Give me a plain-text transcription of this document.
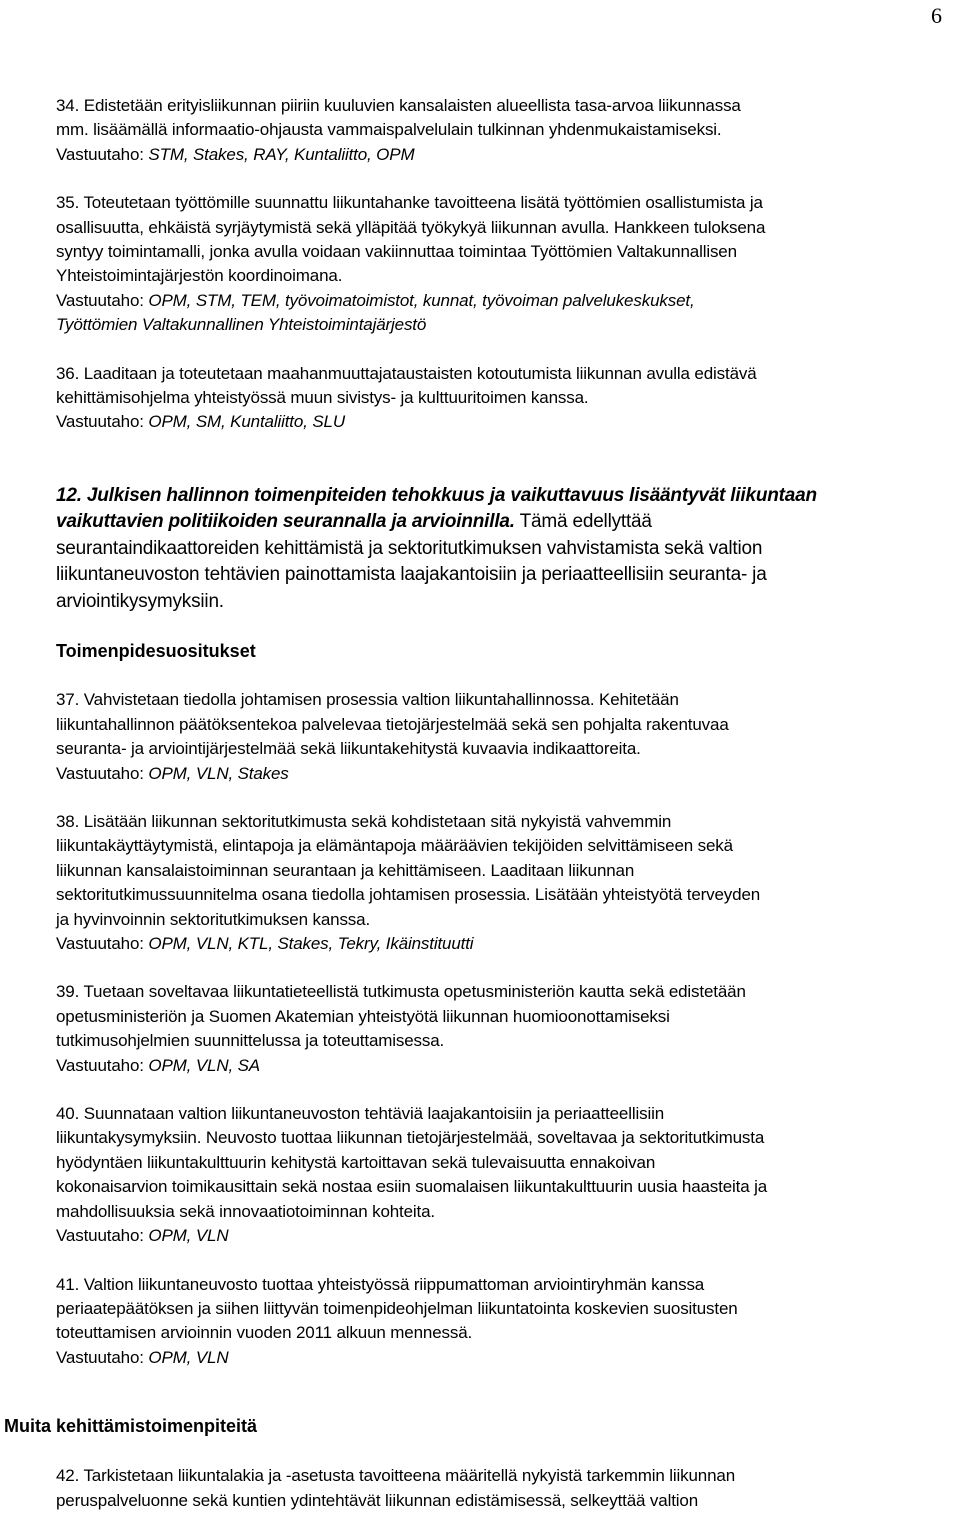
6

34. Edistetään erityisliikunnan piiriin kuuluvien kansalaisten alueellista tasa-arvoa liikunnassa

mm. lisäämällä informaatio-ohjausta vammaispalvelulain tulkinnan yhdenmukaistamiseksi.

Vastuutaho: STM, Stakes, RAY, Kuntaliitto, OPM

35. Toteutetaan työttömille suunnattu liikuntahanke tavoitteena lisätä työttömien osallistumista ja

osallisuutta, ehkäistä syrjäytymistä sekä ylläpitää työkykyä liikunnan avulla. Hankkeen tuloksena

syntyy toimintamalli, jonka avulla voidaan vakiinnuttaa toimintaa Työttömien Valtakunnallisen

Yhteistoimintajärjestön koordinoimana.

Vastuutaho: OPM, STM, TEM, työvoimatoimistot, kunnat, työvoiman palvelukeskukset,

Työttömien Valtakunnallinen Yhteistoimintajärjestö

36. Laaditaan ja toteutetaan maahanmuuttajataustaisten kotoutumista liikunnan avulla edistävä

kehittämisohjelma yhteistyössä muun sivistys- ja kulttuuritoimen kanssa.

Vastuutaho: OPM, SM, Kuntaliitto, SLU

12. Julkisen hallinnon toimenpiteiden tehokkuus ja vaikuttavuus lisääntyvät liikuntaan
vaikuttavien politiikoiden seurannalla ja arvioinnilla. Tämä edellyttää
seurantaindikaattoreiden kehittämistä ja sektoritutkimuksen vahvistamista sekä valtion
liikuntaneuvoston tehtävien painottamista laajakantoisiin ja periaatteellisiin seuranta- ja
arviointikysymyksiin.
Toimenpidesuositukset

37. Vahvistetaan tiedolla johtamisen prosessia valtion liikuntahallinnossa. Kehitetään

liikuntahallinnon päätöksentekoa palvelevaa tietojärjestelmää sekä sen pohjalta rakentuvaa

seuranta- ja arviointijärjestelmää sekä liikuntakehitystä kuvaavia indikaattoreita.

Vastuutaho: OPM, VLN, Stakes

38. Lisätään liikunnan sektoritutkimusta sekä kohdistetaan sitä nykyistä vahvemmin

liikuntakäyttäytymistä, elintapoja ja elämäntapoja määräävien tekijöiden selvittämiseen sekä

liikunnan kansalaistoiminnan seurantaan ja kehittämiseen. Laaditaan liikunnan

sektoritutkimussuunnitelma osana tiedolla johtamisen prosessia. Lisätään yhteistyötä terveyden

ja hyvinvoinnin sektoritutkimuksen kanssa.

Vastuutaho: OPM, VLN, KTL, Stakes, Tekry, Ikäinstituutti

39. Tuetaan soveltavaa liikuntatieteellistä tutkimusta opetusministeriön kautta sekä edistetään

opetusministeriön ja Suomen Akatemian yhteistyötä liikunnan huomioonottamiseksi

tutkimusohjelmien suunnittelussa ja toteuttamisessa.

Vastuutaho: OPM, VLN, SA

40. Suunnataan valtion liikuntaneuvoston tehtäviä laajakantoisiin ja periaatteellisiin

liikuntakysymyksiin. Neuvosto tuottaa liikunnan tietojärjestelmää, soveltavaa ja sektoritutkimusta

hyödyntäen liikuntakulttuurin kehitystä kartoittavan sekä tulevaisuutta ennakoivan

kokonaisarvion toimikausittain sekä nostaa esiin suomalaisen liikuntakulttuurin uusia haasteita ja

mahdollisuuksia sekä innovaatiotoiminnan kohteita.

Vastuutaho: OPM, VLN

41. Valtion liikuntaneuvosto tuottaa yhteistyössä riippumattoman arviointiryhmän kanssa

periaatepäätöksen ja siihen liittyvän toimenpideohjelman liikuntatointa koskevien suositusten

toteuttamisen arvioinnin vuoden 2011 alkuun mennessä.

Vastuutaho: OPM, VLN

Muita kehittämistoimenpiteitä

42. Tarkistetaan liikuntalakia ja -asetusta tavoitteena määritellä nykyistä tarkemmin liikunnan

peruspalveluonne sekä kuntien ydintehtävät liikunnan edistämisessä, selkeyttää valtion
